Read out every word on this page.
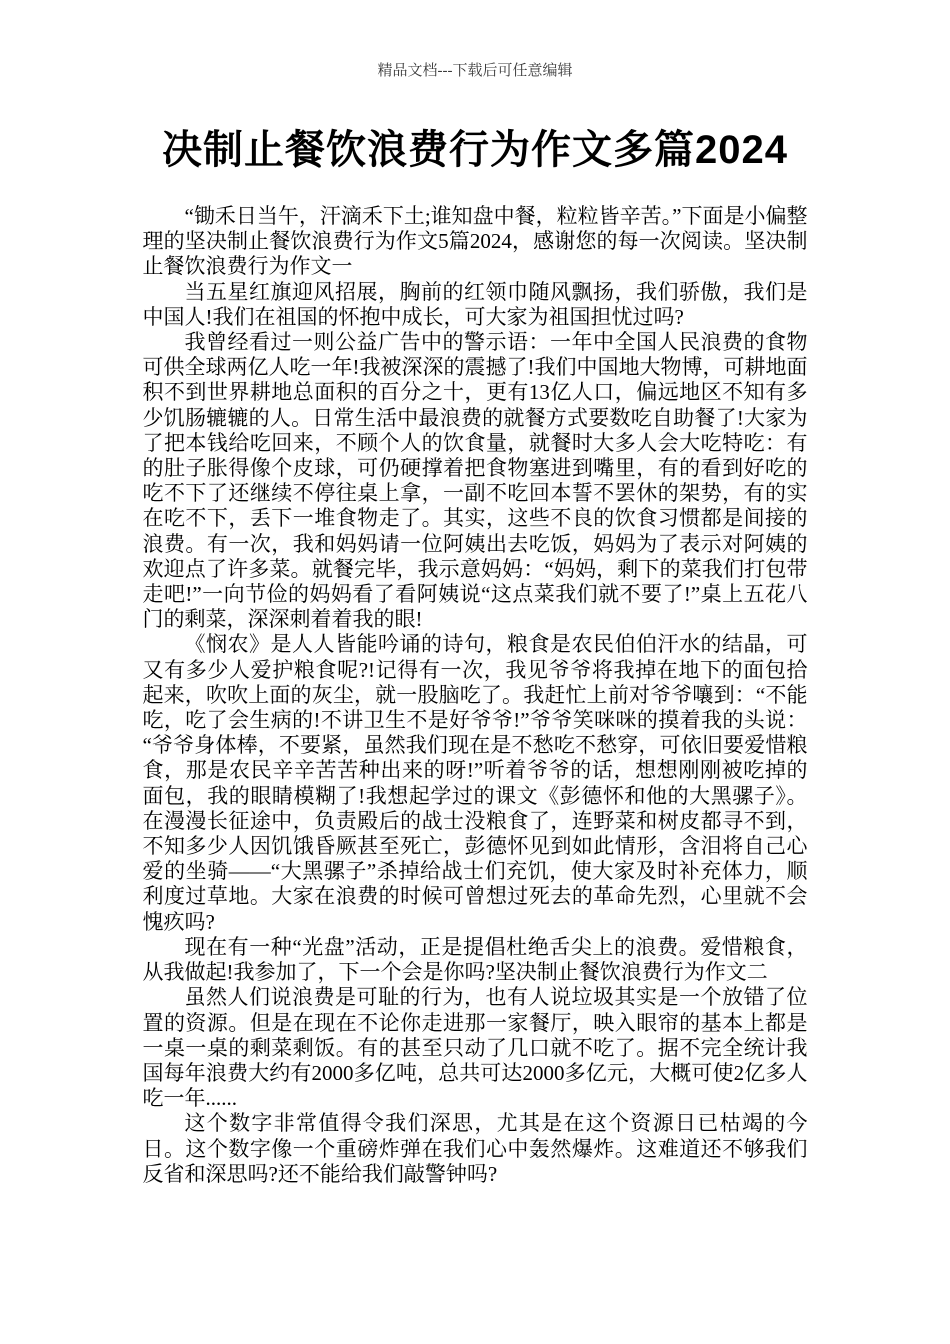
精品文档---下载后可任意编辑
决制止餐饮浪费行为作文多篇2024

“锄禾日当午，汗滴禾下土;谁知盘中餐，粒粒皆辛苦。”下面是小偏整理的坚决制止餐饮浪费行为作文5篇2024，感谢您的每一次阅读。坚决制止餐饮浪费行为作文一

当五星红旗迎风招展，胸前的红领巾随风飘扬，我们骄傲，我们是中国人!我们在祖国的怀抱中成长，可大家为祖国担忧过吗?

我曾经看过一则公益广告中的警示语：一年中全国人民浪费的食物可供全球两亿人吃一年!我被深深的震撼了!我们中国地大物博，可耕地面积不到世界耕地总面积的百分之十，更有13亿人口，偏远地区不知有多少饥肠辘辘的人。日常生活中最浪费的就餐方式要数吃自助餐了!大家为了把本钱给吃回来，不顾个人的饮食量，就餐时大多人会大吃特吃：有的肚子胀得像个皮球，可仍硬撑着把食物塞进到嘴里，有的看到好吃的吃不下了还继续不停往桌上拿，一副不吃回本誓不罢休的架势，有的实在吃不下，丢下一堆食物走了。其实，这些不良的饮食习惯都是间接的浪费。有一次，我和妈妈请一位阿姨出去吃饭，妈妈为了表示对阿姨的欢迎点了许多菜。就餐完毕，我示意妈妈：“妈妈，剩下的菜我们打包带走吧!”一向节俭的妈妈看了看阿姨说“这点菜我们就不要了!”桌上五花八门的剩菜，深深刺着着我的眼!

《悯农》是人人皆能吟诵的诗句，粮食是农民伯伯汗水的结晶，可又有多少人爱护粮食呢?!记得有一次，我见爷爷将我掉在地下的面包拾起来，吹吹上面的灰尘，就一股脑吃了。我赶忙上前对爷爷嚷到：“不能吃，吃了会生病的!不讲卫生不是好爷爷!”爷爷笑咪咪的摸着我的头说：“爷爷身体棒，不要紧，虽然我们现在是不愁吃不愁穿，可依旧要爱惜粮食，那是农民辛辛苦苦种出来的呀!”听着爷爷的话，想想刚刚被吃掉的面包，我的眼睛模糊了!我想起学过的课文《彭德怀和他的大黑骡子》。在漫漫长征途中，负责殿后的战士没粮食了，连野菜和树皮都寻不到，不知多少人因饥饿昏厥甚至死亡，彭德怀见到如此情形，含泪将自己心爱的坐骑——“大黑骡子”杀掉给战士们充饥，使大家及时补充体力，顺利度过草地。大家在浪费的时候可曾想过死去的革命先烈，心里就不会愧疚吗?

现在有一种“光盘”活动，正是提倡杜绝舌尖上的浪费。爱惜粮食，从我做起!我参加了，下一个会是你吗?坚决制止餐饮浪费行为作文二

虽然人们说浪费是可耻的行为，也有人说垃圾其实是一个放错了位置的资源。但是在现在不论你走进那一家餐厅，映入眼帘的基本上都是一桌一桌的剩菜剩饭。有的甚至只动了几口就不吃了。据不完全统计我国每年浪费大约有2000多亿吨，总共可达2000多亿元，大概可使2亿多人吃一年......

这个数字非常值得令我们深思，尤其是在这个资源日已枯竭的今日。这个数字像一个重磅炸弹在我们心中轰然爆炸。这难道还不够我们反省和深思吗?还不能给我们敲警钟吗?
